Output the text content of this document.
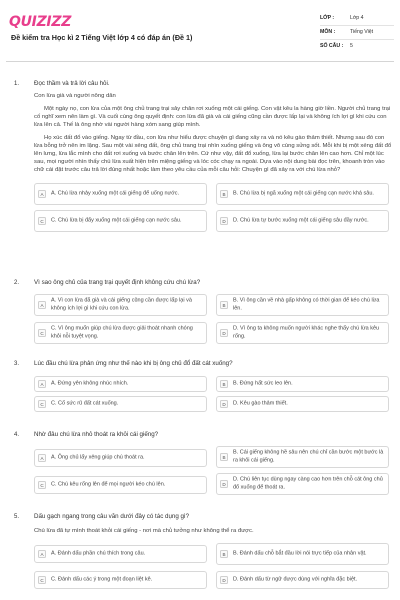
QUIZIZZ
Đề kiểm tra Học kì 2 Tiếng Việt lớp 4 có đáp án (Đề 1)
LỚP :	Lớp 4
MÔN :	Tiếng Việt
SỐ CÂU :	5
1. Đọc thầm và trả lời câu hỏi.
Con lừa già và người nông dân
Một ngày nọ, con lừa của một ông chủ trang trại sảy chân rơi xuống một cái giếng. Con vật kêu la hàng giờ liền. Người chủ trang trại cố nghĩ xem nên làm gì. Và cuối cùng ông quyết định: con lừa đã già và cái giếng cũng cần được lấp lại và không ích lợi gì khi cứu con lừa lên cả. Thế là ông nhờ vài người hàng xóm sang giúp mình.
Họ xúc đất đổ vào giếng. Ngay từ đầu, con lừa như hiểu được chuyện gì đang xảy ra và nó kêu gào thảm thiết. Nhưng sau đó con lừa bỗng trở nên im lặng. Sau một vài xẻng đất, ông chủ trang trại nhìn xuống giếng và ông vô cùng sửng sốt. Mỗi khi bị một xẻng đất đổ lên lưng, lừa lắc mình cho đất rơi xuống và bước chân lên trên. Cứ như vậy, đất đổ xuống, lừa lại bước chân lên cao hơn. Chỉ một lúc sau, mọi người nhìn thấy chú lừa xuất hiện trên miệng giếng và lóc cóc chạy ra ngoài. Dựa vào nội dung bài đọc trên, khoanh tròn vào chữ cái đặt trước câu trả lời đúng nhất hoặc làm theo yêu cầu của mỗi câu hỏi: Chuyện gì đã xảy ra với chú lừa nhỏ?
A	A. Chú lừa nhảy xuống một cái giếng để uống nước.	B	B. Chú lừa bị ngã xuống một cái giếng cạn nước khá sâu.
C	C. Chú lừa bị đẩy xuống một cái giếng cạn nước sâu.	D	D. Chú lừa tự bước xuống một cái giếng sâu đầy nước.
2. Vì sao ông chủ của trang trại quyết định không cứu chú lừa?
A
A. Vì con lừa đã già và cái giếng cũng cần được lấp lại và không ích lợi gì khi cứu con lừa.	B
B. Vì ông cần về nhà gấp không có thời gian để kéo chú lừa lên.
C
C. Vì ông muốn giúp chú lừa được giải thoát nhanh chóng khỏi nỗi tuyệt vọng.	D
D. Vì ông ta không muốn người khác nghe thấy chú lừa kêu rống.
3. Lúc đầu chú lừa phản ứng như thế nào khi bị ông chủ đổ đất cát xuống?
A	A. Đứng yên không nhúc nhích.	B	B. Đứng hất sức leo lên.
C	C. Cố sức rũ đất cát xuống.	D	D. Kêu gào thảm thiết.
4. Nhờ đâu chú lừa nhỏ thoát ra khỏi cái giếng?
A	A. Ông chủ lấy xẻng giúp chú thoát ra.	B
B. Cái giếng không hề sâu nên chú chỉ cần bước một bước là ra khỏi cái giếng.
C	C. Chú kêu rống lên để mọi người kéo chú lên.	D
D. Chú liên tục dùng ngay càng cao hơn trên chỗ cát ông chủ đổ xuống để thoát ra.
5. Dấu gạch ngang trong câu văn dưới đây có tác dụng gì?
Chú lừa đã tự mình thoát khỏi cái giếng - nơi mà chủ tưởng như không thể ra được.
A	A. Đánh dấu phần chú thích trong câu.	B	B. Đánh dấu chỗ bắt đầu lời nói trực tiếp của nhân vật.
C	C. Đánh dấu các ý trong một đoạn liệt kê.	D	D. Đánh dấu từ ngữ được dùng với nghĩa đặc biệt.
